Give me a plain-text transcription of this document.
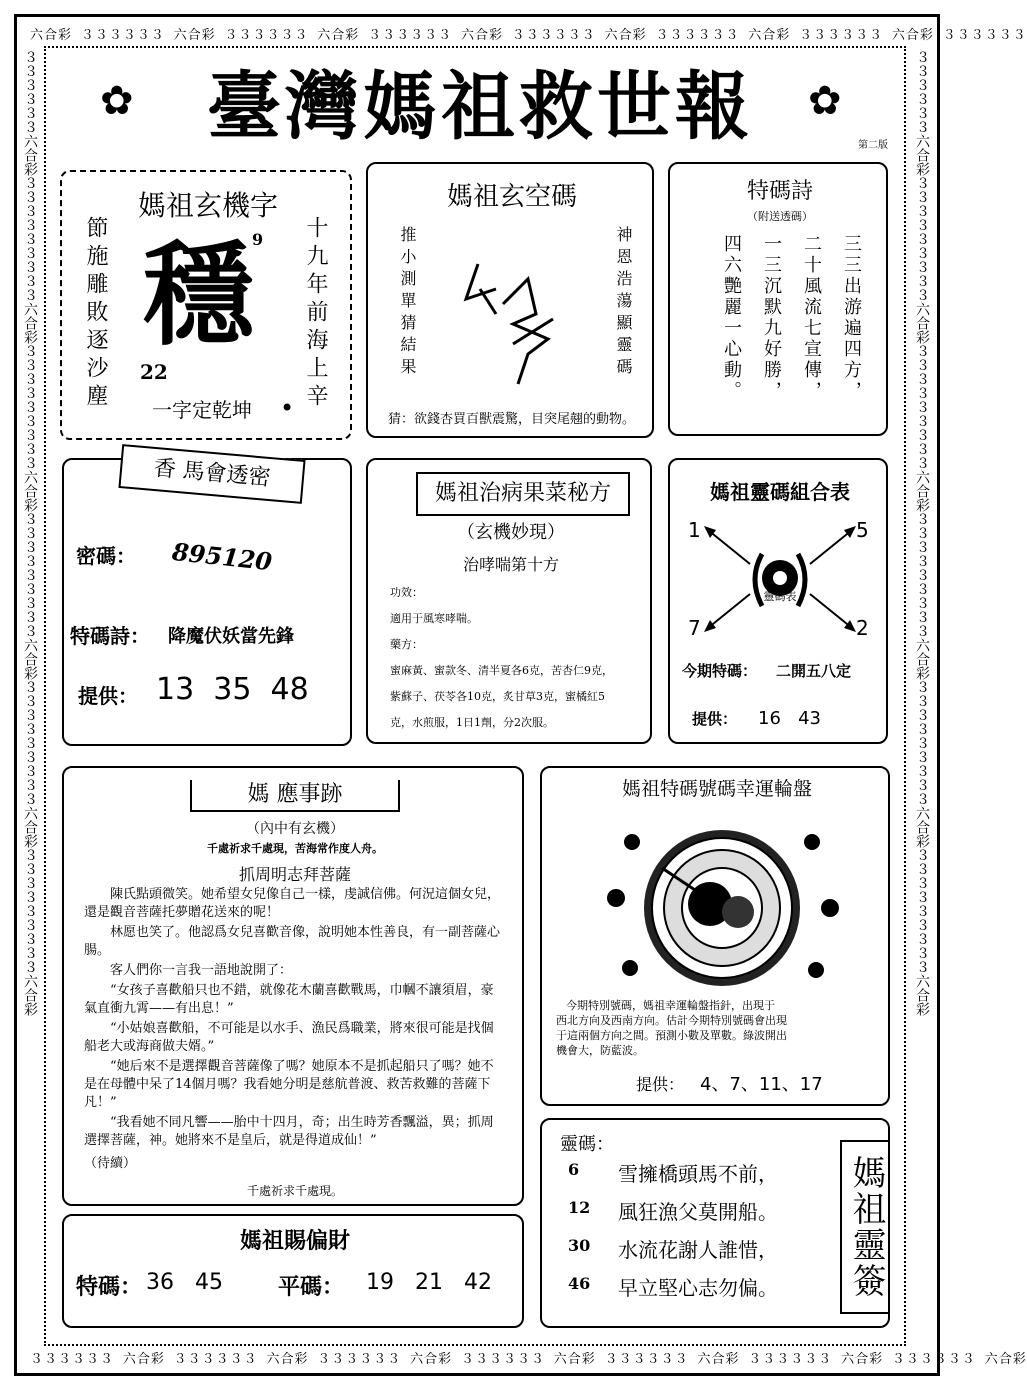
六合彩 ３３３３３３ 六合彩 ３３３３３３ 六合彩 ３３３３３３ 六合彩 ３３３３３３ 六合彩 ３３３３３３ 六合彩 ３３３３３３ 六合彩 ３３３３３３
３３３３３３ 六合彩 ３３３３３３ 六合彩 ３３３３３３ 六合彩 ３３３３３３ 六合彩 ３３３３３３ 六合彩 ３３３３３３ 六合彩 ３３３３３３ 六合彩
３３３３３３六合彩３３３３３３３３３六合彩３３３３３３３３３六合彩３３３３３３３３３六合彩３３３３３３３３３六合彩３３３３３３３３３六合彩	３３３３３３六合彩３３３３３３３３３六合彩３３３３３３３３３六合彩３３３３３３３３３六合彩３３３３３３３３３六合彩３３３３３３３３３六合彩
✿	✿
臺灣媽祖救世報	第二版
媽祖玄機字
節施雕敗逐沙塵	十九年前海上辛
穩
9
22
一字定乾坤 •
媽祖玄空碼
推小測單猜結果	神恩浩蕩顯靈碼
猜：欲錢杏買百獸震驚，目突尾翹的動物。
特碼詩
（附送透碼）
三三出游遍四方，
二十風流七宣傳，
一三沉默九好勝，
四六艷麗一心動。
香 馬會透密
密碼： 895120
特碼詩： 降魔伏妖當先鋒
提供： 13  35  48
媽祖治病果菜秘方
（玄機妙現）
治哮喘第十方
功效：
適用于風寒哮喘。
藥方：
蜜麻黃、蜜款冬、清半夏各6克，苦杏仁9克，
紫蘇子、茯苓各10克，炙甘草3克，蜜橘紅5
克，水煎服，1日1劑，分2次服。
媽祖靈碼組合表
1	5
7	2
靈碼表
今期特碼： 二開五八定
提供： 16   43
媽 應事跡
（內中有玄機）
千處祈求千處現，苦海常作度人舟。
抓周明志拜菩薩
陳氏點頭微笑。她希望女兒像自己一樣，虔誠信佛。何況這個女兒，還是觀音菩薩托夢贈花送來的呢！
林愿也笑了。他認爲女兒喜歡音像，說明她本性善良，有一副菩薩心腸。
客人們你一言我一語地說開了：
“女孩子喜歡船只也不錯，就像花木蘭喜歡戰馬，巾幗不讓須眉，豪氣直衝九霄——有出息！”
“小姑娘喜歡船，不可能是以水手、漁民爲職業，將來很可能是找個船老大或海商做夫婿。”
“她后來不是選擇觀音菩薩像了嗎？她原本不是抓起船只了嗎？她不是在母體中呆了14個月嗎？我看她分明是慈航普渡、救苦救難的菩薩下凡！”
“我看她不同凡響——胎中十四月，奇；出生時芳香飄溢，異；抓周選擇菩薩，神。她將來不是皇后，就是得道成仙！”
（待續）
千處祈求千處現。
媽祖特碼號碼幸運輪盤
今期特別號碼，媽祖幸運輪盤指針，出現于
西北方向及西南方向。估計今期特別號碼會出現
于這兩個方向之間。預測小數及單數。綠波開出
機會大，防藍波。
提供： 4、7、11、17
媽祖賜偏財
特碼： 36   45	平碼： 19   21   42
靈碼：
6 雪擁橋頭馬不前，
12 風狂漁父莫開船。
30 水流花謝人誰惜，
46 早立堅心志勿偏。 媽祖靈簽
